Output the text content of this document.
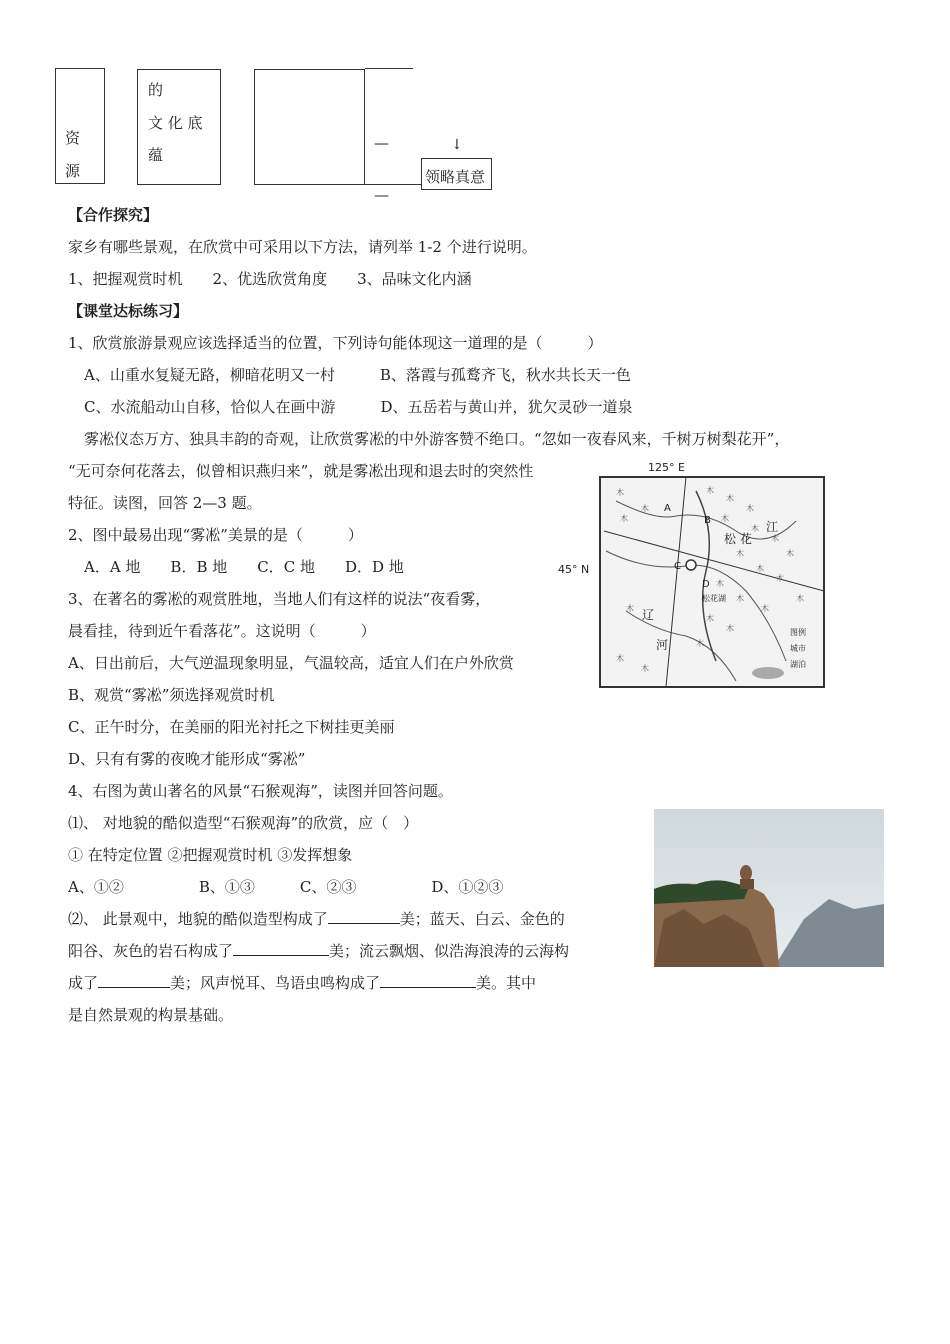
资
源
的
文 化 底
蕴
—
—
↓
领略真意
【合作探究】
家乡有哪些景观，在欣赏中可采用以下方法，请列举 1-2 个进行说明。
1、把握观赏时机　　2、优选欣赏角度　　3、品味文化内涵
【课堂达标练习】
1、欣赏旅游景观应该选择适当的位置，下列诗句能体现这一道理的是（　　　）
A、山重水复疑无路，柳暗花明又一村　　　B、落霞与孤鹜齐飞，秋水共长天一色
C、水流船动山自移，恰似人在画中游　　　D、五岳若与黄山并，犹欠灵砂一道泉
雾凇仪态万方、独具丰韵的奇观，让欣赏雾凇的中外游客赞不绝口。“忽如一夜春风来，千树万树梨花开”，
“无可奈何花落去，似曾相识燕归来”，就是雾凇出现和退去时的突然性
特征。读图，回答 2—3 题。
2、图中最易出现“雾凇”美景的是（　　　）
A．A 地　　B．B 地　　C．C 地　　D．D 地
3、在著名的雾凇的观赏胜地，当地人们有这样的说法“夜看雾，
晨看挂，待到近午看落花”。这说明（　　　）
A、日出前后，大气逆温现象明显，气温较高，适宜人们在户外欣赏
B、观赏“雾凇”须选择观赏时机
C、正午时分，在美丽的阳光衬托之下树挂更美丽
D、只有有雾的夜晚才能形成“雾凇”
4、右图为黄山著名的风景“石猴观海”，读图并回答问题。
⑴、 对地貌的酷似造型“石猴观海”的欣赏，应（　）
① 在特定位置 ②把握观赏时机 ③发挥想象
A、①②　　　　　B、①③　　　C、②③　　　　　D、①②③
⑵、 此景观中，地貌的酷似造型构成了	美；蓝天、白云、金色的
阳谷、灰色的岩石构成了	美；流云飘烟、似浩海浪涛的云海构
成了	美；风声悦耳、鸟语虫鸣构成了	美。其中
是自然景观的构景基础。
木
木
木
木
木
木
木
木
木
木
木
木
木
木
木
木
木
木
木
木
木
木
木
A
B
C
D
松 花
江
松花湖
辽
河
图例
城市
湖泊
125° E
45° N
